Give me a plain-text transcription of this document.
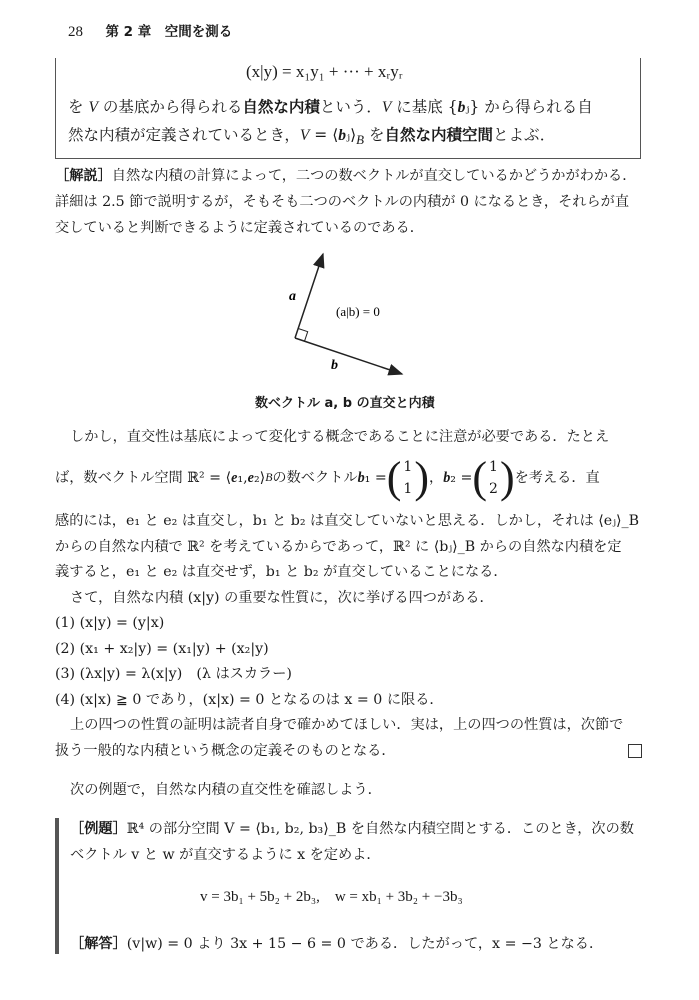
28 第 2 章　空間を測る
(x|y) = x₁y₁ + ··· + xᵣyᵣ
を V の基底から得られる自然な内積という．V に基底 {bⱼ} から得られる自
然な内積が定義されているとき，$V = ⟨bⱼ⟩_B$ を自然な内積空間とよぶ．
［解説］自然な内積の計算によって，二つの数ベクトルが直交しているかどうかがわかる．
詳細は 2.5 節で説明するが，そもそも二つのベクトルの内積が 0 になるとき，それらが直
交していると判断できるように定義されているのである．
a
b
(a|b) = 0
数ベクトル a, b の直交と内積
しかし，直交性は基底によって変化する概念であることに注意が必要である．たとえ
ば，数ベクトル空間 ℝ² = ⟨ e ₁, e ₂⟩ B の数ベクトル b ₁ = ( 1
1 ) ， b ₂ = ( 1
2 ) を考える．直
感的には，e₁ と e₂ は直交し，b₁ と b₂ は直交していないと思える．しかし，それは ⟨eⱼ⟩_B
からの自然な内積で ℝ² を考えているからであって，ℝ² に ⟨bⱼ⟩_B からの自然な内積を定
義すると，e₁ と e₂ は直交せず，b₁ と b₂ が直交していることになる．
さて，自然な内積 (x|y) の重要な性質に，次に挙げる四つがある．
(1) (x|y) = (y|x)
(2) (x₁ + x₂|y) = (x₁|y) + (x₂|y)
(3) (λx|y) = λ(x|y)　(λ はスカラー)
(4) (x|x) ≧ 0 であり，(x|x) = 0 となるのは x = 0 に限る．
上の四つの性質の証明は読者自身で確かめてほしい．実は，上の四つの性質は，次節で
扱う一般的な内積という概念の定義そのものとなる．
次の例題で，自然な内積の直交性を確認しよう．
［例題］ℝ⁴ の部分空間 V = ⟨b₁, b₂, b₃⟩_B を自然な内積空間とする．このとき，次の数
ベクトル v と w が直交するように x を定めよ．
v = 3b₁ + 5b₂ + 2b₃,　w = xb₁ + 3b₂ + −3b₃
［解答］(v|w) = 0 より 3x + 15 − 6 = 0 である．したがって，x = −3 となる．
